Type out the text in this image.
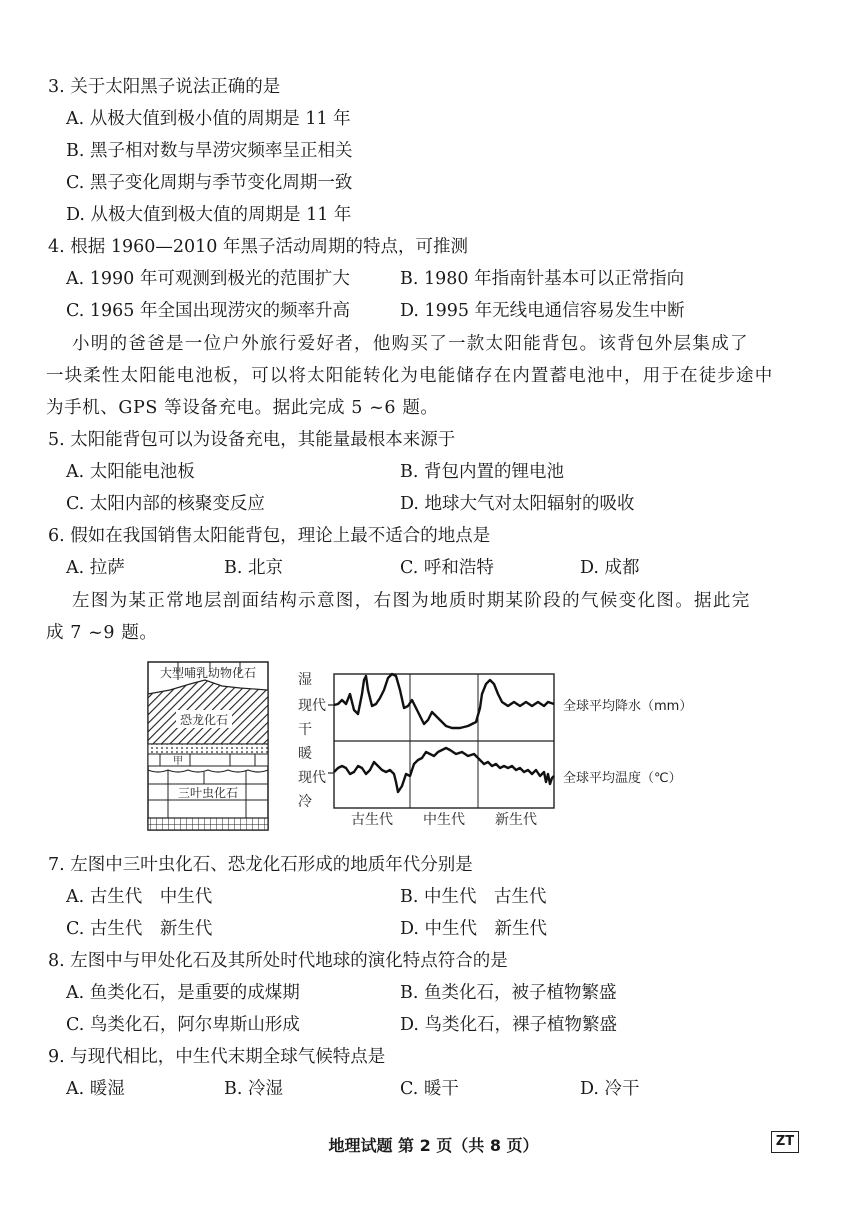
3. 关于太阳黑子说法正确的是
A. 从极大值到极小值的周期是 11 年
B. 黑子相对数与旱涝灾频率呈正相关
C. 黑子变化周期与季节变化周期一致
D. 从极大值到极大值的周期是 11 年
4. 根据 1960—2010 年黑子活动周期的特点，可推测
A. 1990 年可观测到极光的范围扩大	B. 1980 年指南针基本可以正常指向
C. 1965 年全国出现涝灾的频率升高	D. 1995 年无线电通信容易发生中断
小明的爸爸是一位户外旅行爱好者，他购买了一款太阳能背包。该背包外层集成了
一块柔性太阳能电池板，可以将太阳能转化为电能储存在内置蓄电池中，用于在徒步途中
为手机、GPS 等设备充电。据此完成 5 ~6 题。
5. 太阳能背包可以为设备充电，其能量最根本来源于
A. 太阳能电池板	B. 背包内置的锂电池
C. 太阳内部的核聚变反应	D. 地球大气对太阳辐射的吸收
6. 假如在我国销售太阳能背包，理论上最不适合的地点是
A. 拉萨	B. 北京	C. 呼和浩特	D. 成都
左图为某正常地层剖面结构示意图，右图为地质时期某阶段的气候变化图。据此完
成 7 ~9 题。
大型哺乳动物化石
恐龙化石
甲
三叶虫化石
湿
现代
干
暖
现代
冷
全球平均降水（mm）
全球平均温度（℃）
古生代 中生代 新生代
7. 左图中三叶虫化石、恐龙化石形成的地质年代分别是
A. 古生代　中生代	B. 中生代　古生代
C. 古生代　新生代	D. 中生代　新生代
8. 左图中与甲处化石及其所处时代地球的演化特点符合的是
A. 鱼类化石，是重要的成煤期	B. 鱼类化石，被子植物繁盛
C. 鸟类化石，阿尔卑斯山形成	D. 鸟类化石，裸子植物繁盛
9. 与现代相比，中生代末期全球气候特点是
A. 暖湿	B. 冷湿	C. 暖干	D. 冷干
地理试题 第 2 页（共 8 页）	ZT
